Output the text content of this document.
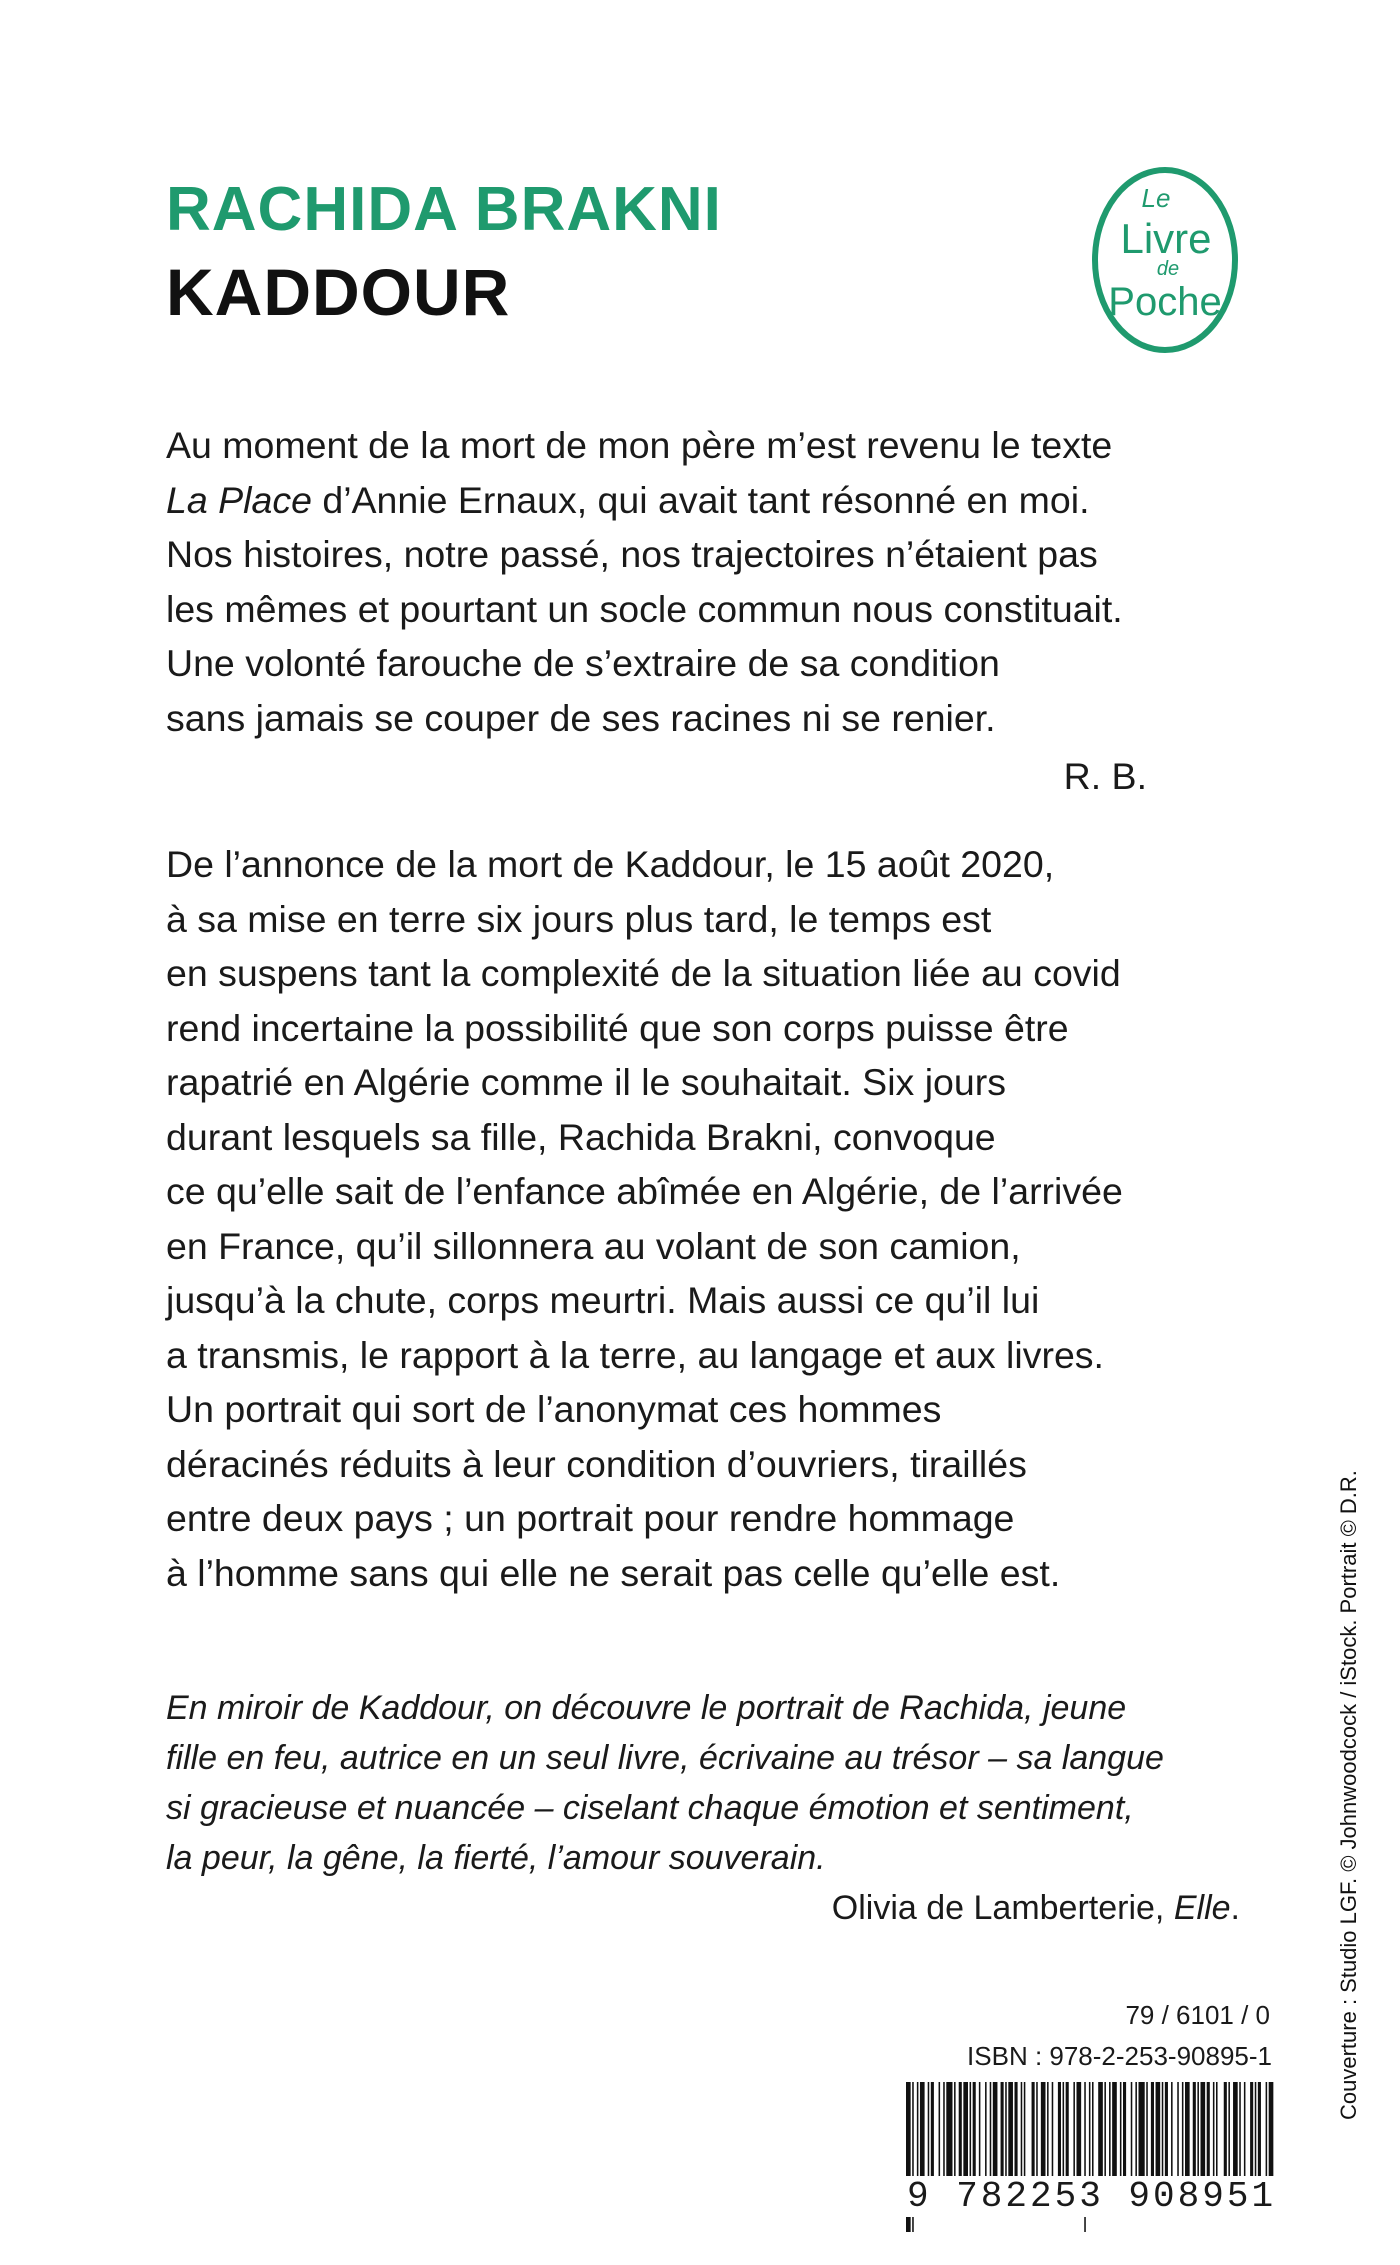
RACHIDA BRAKNI
KADDOUR
Le
Livre
de
Poche
Au moment de la mort de mon père m’est revenu le texte
La Place d’Annie Ernaux, qui avait tant résonné en moi.
Nos histoires, notre passé, nos trajectoires n’étaient pas
les mêmes et pourtant un socle commun nous constituait.
Une volonté farouche de s’extraire de sa condition
sans jamais se couper de ses racines ni se renier.
R. B.
De l’annonce de la mort de Kaddour, le 15 août 2020,
à sa mise en terre six jours plus tard, le temps est
en suspens tant la complexité de la situation liée au covid
rend incertaine la possibilité que son corps puisse être
rapatrié en Algérie comme il le souhaitait. Six jours
durant lesquels sa fille, Rachida Brakni, convoque
ce qu’elle sait de l’enfance abîmée en Algérie, de l’arrivée
en France, qu’il sillonnera au volant de son camion,
jusqu’à la chute, corps meurtri. Mais aussi ce qu’il lui
a transmis, le rapport à la terre, au langage et aux livres.
Un portrait qui sort de l’anonymat ces hommes
déracinés réduits à leur condition d’ouvriers, tiraillés
entre deux pays ; un portrait pour rendre hommage
à l’homme sans qui elle ne serait pas celle qu’elle est.
En miroir de Kaddour, on découvre le portrait de Rachida, jeune
fille en feu, autrice en un seul livre, écrivaine au trésor – sa langue
si gracieuse et nuancée – ciselant chaque émotion et sentiment,
la peur, la gêne, la fierté, l’amour souverain.
Olivia de Lamberterie, Elle.
79 / 6101 / 0
ISBN : 978-2-253-90895-1
9 782253 908951
Couverture : Studio LGF. © Johnwoodcock / iStock. Portrait © D.R.
